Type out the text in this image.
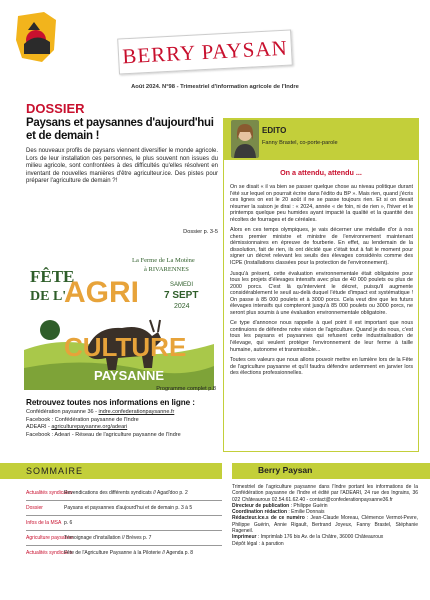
BERRY PAYSAN
Août 2024. N°98 - Trimestriel d'information agricole de l'Indre
DOSSIER
Paysans et paysannes d'aujourd'hui et de demain !
Des nouveaux profils de paysans viennent diversifier le monde agricole. Lors de leur installation ces personnes, le plus souvent non issues du milieu agricole, sont confrontées à des difficultés qu'elles résolvent en inventant de nouvelles manières d'être agriculteur.ice. Des pistes pour préparer l'agriculture de demain ?!
Dossier p. 3-5
FÊTE
DE L'
AGRI
CULTURE
PAYSANNE
La Ferme de La Motène à RIVARENNES
SAMEDI
7 SEPT
2024
Programme complet p.8
Retrouvez toutes nos informations en ligne :
Confédération paysanne 36 - indre.confederationpaysanne.fr
Facebook : Confédération paysanne de l'Indre
ADEARI - agriculturepaysanne.org/adeari
Facebook : Adeari - Réseau de l'agriculture paysanne de l'Indre
EDITO
Fanny Brastel, co-porte-parole
On a attendu, attendu ...

On se disait « il va bien se passer quelque chose au niveau politique durant l'été sur lequel on pourrait écrire dans l'édito du BP ». Mais rien, quand j'écris ces lignes on est le 20 août il ne se passe toujours rien. Et si on devait résumer la saison je dirai : « 2024, année « de foin, ni de rien », l'hiver et le printemps quelque peu humides ayant impacté la qualité et la quantité des récoltes de fourrages et de céréales.

Alors en ces temps olympiques, je vais décerner une médaille d'or à nos chers premier ministre et ministre de l'environnement maintenant démissionnaires en épreuve de fourberie. En effet, au lendemain de la dissolution, fait de rien, ils ont décidé que c'était tout à fait le moment pour signer un décret relevant les seuils des élevages considérés comme des ICPE (Installations classées pour la protection de l'environnement).

Jusqu'à présent, cette évaluation environnementale était obligatoire pour tous les projets d'élevages intensifs avec plus de 40 000 poulets ou plus de 2000 porcs. C'est là qu'intervient le décret, puisqu'il augmente considérablement le seuil au-delà duquel l'étude d'impact est systématique ! On passe à 85 000 poulets et à 3000 porcs. Cela veut dire que les futurs élevages intensifs qui compteront jusqu'à 85 000 poulets ou 3000 porcs, ne seront plus soumis à une évaluation environnementale obligatoire.

Ce type d'annonce nous rappelle à quel point il est important que nous continuions de défendre notre vision de l'agriculture. Quand je dis nous, c'est tous les paysans et paysannes qui refusent cette industrialisation de l'élevage, qui veulent protéger l'environnement de leur ferme à taille humaine, autonome et transmissible...

Toutes ces valeurs que nous allons pouvoir mettre en lumière lors de la Fête de l'agriculture paysanne et qu'il faudra défendre ardemment en janvier lors des élections professionnelles.

SOMMAIRE
Actualités syndicales
Revendications des différents syndicats // Agad'doo p. 2
Dossier	Paysans et paysannes d'aujourd'hui et de demain p. 3 à 5
Infos de la MSA p. 6
Agriculture paysanne
Témoignage d'installation // Brèves p. 7
Actualités syndicales
Fête de l'Agriculture Paysanne à la Piloterie // Agenda p. 8
Berry Paysan
Trimestriel de l'agriculture paysanne dans l'Indre portant les informations de la Confédération paysanne de l'Indre et édité par l'ADEARI, 24 rue des Ingrains, 36 022 Châteauroux 02.54.61.62.40 - contact@confederationpaysanne36.fr
Directeur de publication : Philippe Guérin
Coordination rédaction : Emilie Donnais
Rédacteur.ice.s de ce numéro : Jean-Claude Moreau, Clémence Vermot-Pevre, Philippe Guérin, Annie Rigault, Bertrand Joyeux, Fanny Brastel, Stéphanie Rageneil.
Imprimeur : Imprimlab 176 bis Av. de la Châtre, 36000 Châteauroux
Dépôt légal : à parution
